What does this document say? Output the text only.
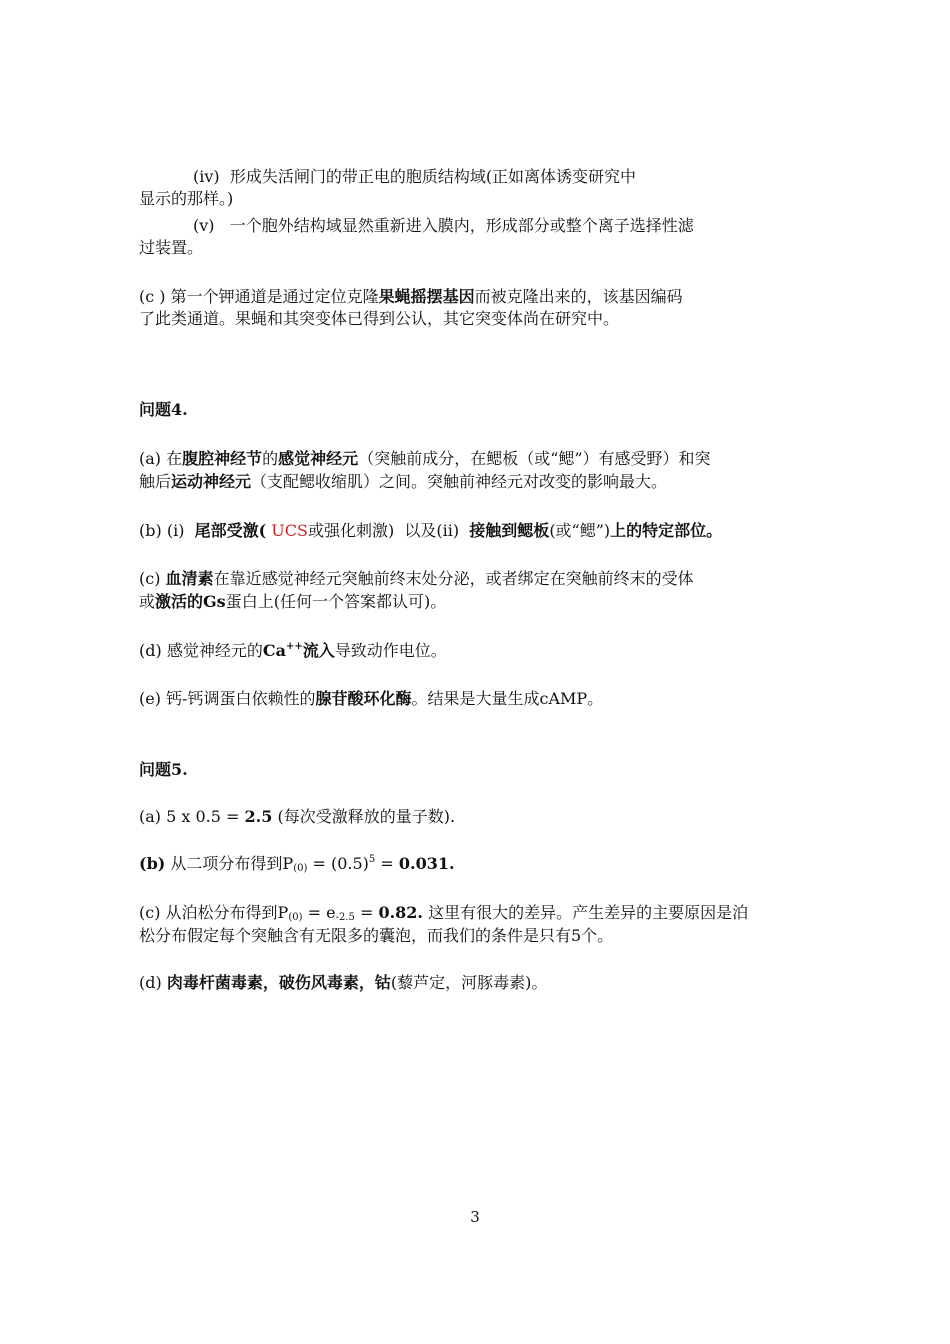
(iv) 形成失活闸门的带正电的胞质结构域(正如离体诱变研究中
显示的那样。)
(v) 一个胞外结构域显然重新进入膜内，形成部分或整个离子选择性滤
过装置。
(c ) 第一个钾通道是通过定位克隆果蝇摇摆基因而被克隆出来的，该基因编码
了此类通道。果蝇和其突变体已得到公认，其它突变体尚在研究中。
问题4.
(a) 在腹腔神经节的感觉神经元（突触前成分，在鳃板（或“鳃”）有感受野）和突
触后运动神经元（支配鳃收缩肌）之间。突触前神经元对改变的影响最大。
(b) (i) 尾部受激( UCS或强化刺激) 以及(ii) 接触到鳃板(或“鳃”)上的特定部位。
(c) 血清素在靠近感觉神经元突触前终末处分泌，或者绑定在突触前终末的受体
或激活的Gs蛋白上(任何一个答案都认可)。
(d) 感觉神经元的Ca++流入导致动作电位。
(e) 钙-钙调蛋白依赖性的腺苷酸环化酶。结果是大量生成cAMP。
问题5.
(a) 5 x 0.5 = 2.5 (每次受激释放的量子数).
(b) 从二项分布得到$P_{(0)} = (0.5)^5 = 0.031$.
(c) 从泊松分布得到$P_{(0)} = e_{-2.5} = 0.82$. 这里有很大的差异。产生差异的主要原因是泊
松分布假定每个突触含有无限多的囊泡，而我们的条件是只有5个。
(d) 肉毒杆菌毒素，破伤风毒素，钴(藜芦定，河豚毒素)。
3
